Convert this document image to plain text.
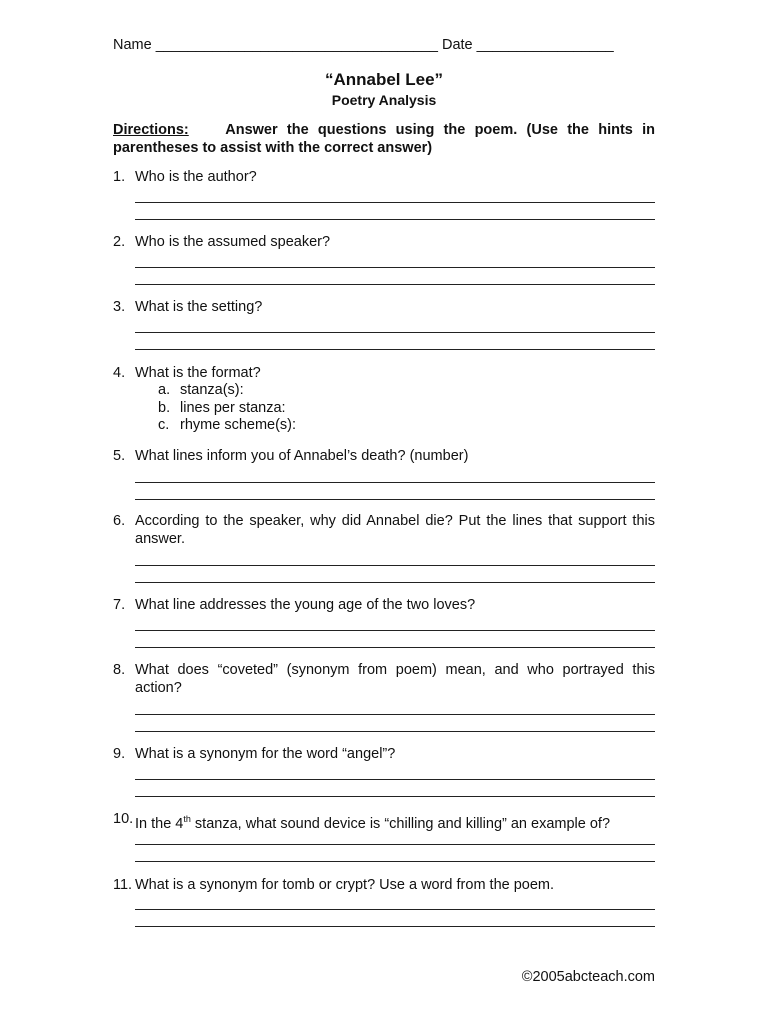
Name ___________________________________ Date _________________
“Annabel Lee”
Poetry Analysis
Directions:	Answer the questions using the poem. (Use the hints in parentheses to assist with the correct answer)
1. Who is the author?
2. Who is the assumed speaker?
3. What is the setting?
4. What is the format?
a. stanza(s):
b. lines per stanza:
c. rhyme scheme(s):
5. What lines inform you of Annabel’s death? (number)
6. According to the speaker, why did Annabel die? Put the lines that support this answer.
7. What line addresses the young age of the two loves?
8. What does “coveted” (synonym from poem) mean, and who portrayed this action?
9. What is a synonym for the word “angel”?
10. In the 4th stanza, what sound device is “chilling and killing” an example of?
11. What is a synonym for tomb or crypt? Use a word from the poem.
©2005abcteach.com
